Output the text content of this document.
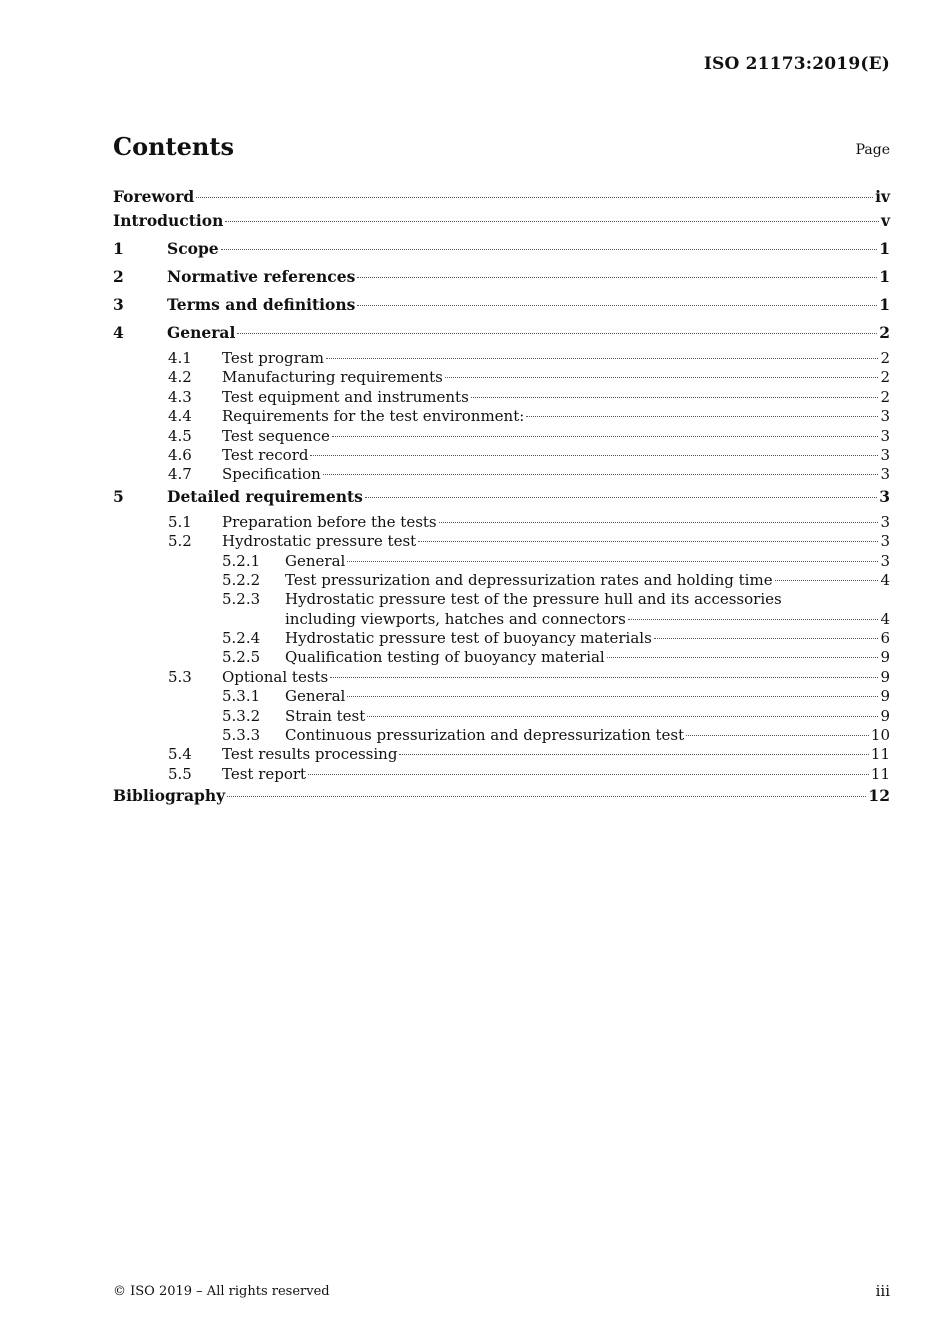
ISO 21173:2019(E)
Contents	Page
Foreword	iv
Introduction	v
1	Scope	1
2	Normative references	1
3	Terms and definitions	1
4	General	2
4.1 Test program	2
4.2 Manufacturing requirements	2
4.3 Test equipment and instruments	2
4.4 Requirements for the test environment:	3
4.5 Test sequence	3
4.6 Test record	3
4.7 Specification	3
5	Detailed requirements	3
5.1 Preparation before the tests	3
5.2 Hydrostatic pressure test	3
5.2.1 General	3
5.2.2 Test pressurization and depressurization rates and holding time	4
5.2.3 Hydrostatic pressure test of the pressure hull and its accessories
including viewports, hatches and connectors	4
5.2.4 Hydrostatic pressure test of buoyancy materials	6
5.2.5 Qualification testing of buoyancy material	9
5.3 Optional tests	9
5.3.1 General	9
5.3.2 Strain test	9
5.3.3 Continuous pressurization and depressurization test	10
5.4 Test results processing	11
5.5 Test report	11
Bibliography	12
© ISO 2019 – All rights reserved	iii
